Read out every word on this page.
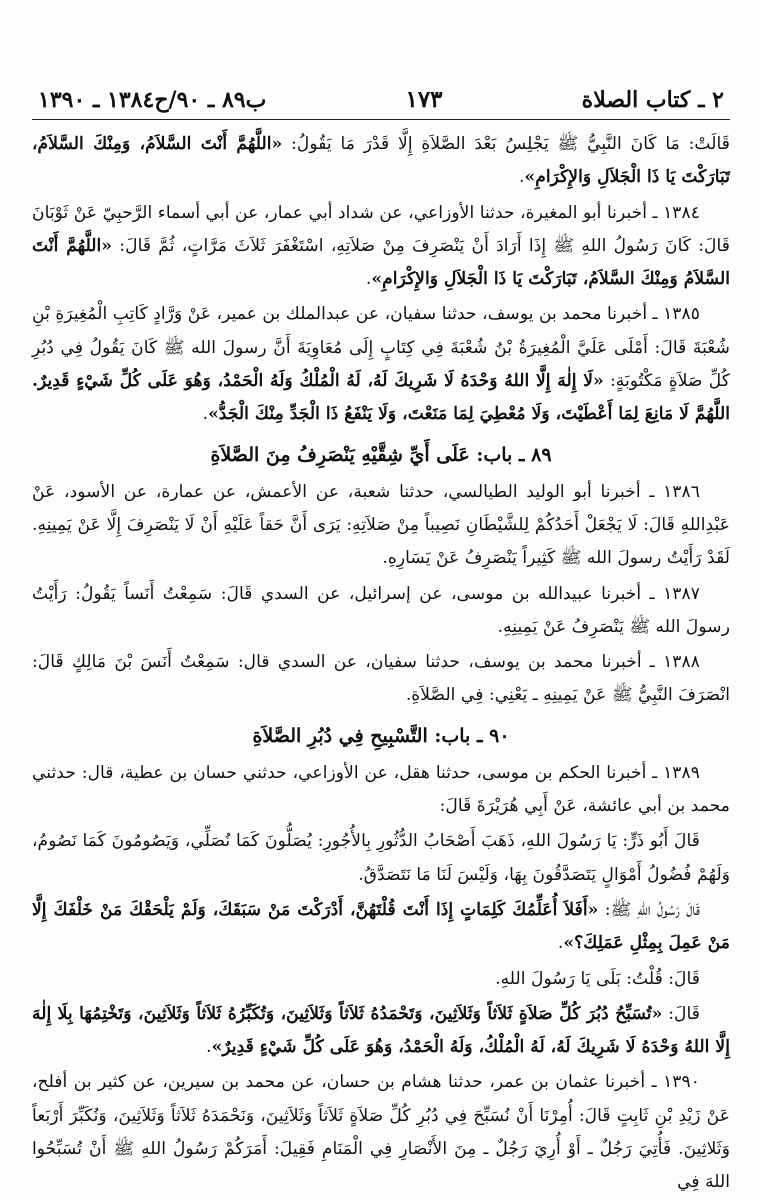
٢ ـ كتاب الصلاة
١٧٣
ب٨٩ ـ ٩٠/ح١٣٨٤ ـ ١٣٩٠

قَالَتْ: مَا كَانَ النَّبِيُّ ﷺ يَجْلِسُ بَعْدَ الصَّلاَةِ إِلَّا قَدْرَ مَا يَقُولُ: «اللَّهُمَّ أَنْتَ السَّلاَمُ، وَمِنْكَ السَّلاَمُ، تَبَارَكْتَ يَا ذَا الْجَلاَلِ وَالإِكْرَامِ».

١٣٨٤ ـ أخبرنا أبو المغيرة، حدثنا الأوزاعي، عن شداد أبي عمار، عن أبي أسماء الرَّحبِيّ عَنْ ثَوْبَانَ قَالَ: كَانَ رَسُولُ اللهِ ﷺ إِذَا أَرَادَ أَنْ يَنْصَرِفَ مِنْ صَلاَتِهِ، اسْتَغْفَرَ ثَلاَثَ مَرَّاتٍ، ثُمَّ قَالَ: «اللَّهُمَّ أَنْتَ السَّلاَمُ وَمِنْكَ السَّلاَمُ، تَبَارَكْتَ يَا ذَا الْجَلاَلِ وَالإِكْرَامِ».

١٣٨٥ ـ أخبرنا محمد بن يوسف، حدثنا سفيان، عن عبدالملك بن عمير، عَنْ وَرَّادٍ كَاتِبِ الْمُغِيرَةِ بْنِ شُعْبَةَ قَالَ: أَمْلَى عَلَيَّ الْمُغِيرَةُ بْنُ شُعْبَةَ فِي كِتَابٍ إِلَى مُعَاوِيَةَ أَنَّ رسولَ الله ﷺ كَانَ يَقُولُ فِي دُبُرِ كُلِّ صَلاَةٍ مَكْتُوبَةٍ: «لَا إِلٰهَ إِلَّا اللهُ وَحْدَهُ لَا شَرِيكَ لَهُ، لَهُ الْمُلْكُ وَلَهُ الْحَمْدُ، وَهُوَ عَلَى كُلِّ شَيْءٍ قَدِيرٌ. اللَّهُمَّ لَا مَانِعَ لِمَا أَعْطَيْتَ، وَلَا مُعْطِيَ لِمَا مَنَعْتَ، وَلَا يَنْفَعُ ذَا الْجَدِّ مِنْكَ الْجَدُّ».

٨٩ ـ باب: عَلَى أَيِّ شِقَّيْهِ يَنْصَرِفُ مِنَ الصَّلاَةِ

١٣٨٦ ـ أخبرنا أبو الوليد الطيالسي، حدثنا شعبة، عن الأعمش، عن عمارة، عن الأسود، عَنْ عَبْدِاللهِ قَالَ: لَا يَجْعَلْ أَحَدُكُمْ لِلشَّيْطَانِ نَصِيباً مِنْ صَلاَتِهِ: يَرَى أَنَّ حَقاً عَلَيْهِ أَنْ لَا يَنْصَرِفَ إِلَّا عَنْ يَمِينِهِ. لَقَدْ رَأَيْتُ رسولَ الله ﷺ كَثِيراً يَنْصَرِفُ عَنْ يَسَارِهِ.

١٣٨٧ ـ أخبرنا عبيدالله بن موسى، عن إسرائيل، عن السدي قَالَ: سَمِعْتُ أَنَساً يَقُولُ: رَأَيْتُ رسولَ الله ﷺ يَنْصَرِفُ عَنْ يَمِينِهِ.

١٣٨٨ ـ أخبرنا محمد بن يوسف، حدثنا سفيان، عن السدي قال: سَمِعْتُ أَنَسَ بْنَ مَالِكٍ قَالَ: انْصَرَفَ النَّبِيُّ ﷺ عَنْ يَمِينِهِ ـ يَعْنِي: فِي الصَّلاَةِ.

٩٠ ـ باب: التَّسْبِيحِ فِي دُبُرِ الصَّلاَةِ

١٣٨٩ ـ أخبرنا الحكم بن موسى، حدثنا هقل، عن الأوزاعي، حدثني حسان بن عطية، قال: حدثني محمد بن أبي عائشة، عَنْ أَبِي هُرَيْرَةَ قَالَ:

قَالَ أَبُو ذَرٍّ: يَا رَسُولَ اللهِ، ذَهَبَ أَصْحَابُ الدُّثُورِ بِالأُجُورِ: يُصَلُّونَ كَمَا نُصَلِّي، وَيَصُومُونَ كَمَا نَصُومُ، وَلَهُمْ فُضُولُ أَمْوَالٍ يَتَصَدَّقُونَ بِهَا، وَلَيْسَ لَنَا مَا نَتَصَدَّقُ.

قَالَ رَسُولُ اللهِ ﷺ: «أَفَلاَ أُعَلِّمُكَ كَلِمَاتٍ إِذَا أَنْتَ قُلْتَهُنَّ، أَدْرَكْتَ مَنْ سَبَقَكَ، وَلَمْ يَلْحَقْكَ مَنْ خَلْفَكَ إِلَّا مَنْ عَمِلَ بِمِثْلِ عَمَلِكَ؟».

قَالَ: قُلْتُ: بَلَى يَا رَسُولَ اللهِ.

قَالَ: «تُسَبِّحُ دُبُرَ كُلِّ صَلاَةٍ ثَلاَثاً وَثَلاَثِينَ، وَتَحْمَدُهُ ثَلاَثاً وَثَلاَثِينَ، وَتُكَبِّرُهُ ثَلاَثاً وَثَلاَثِينَ، وَتَخْتِمُهَا بِلَا إِلٰهَ إِلَّا اللهُ وَحْدَهُ لَا شَرِيكَ لَهُ، لَهُ الْمُلْكُ، وَلَهُ الْحَمْدُ، وَهُوَ عَلَى كُلِّ شَيْءٍ قَدِيرٌ».

١٣٩٠ ـ أخبرنا عثمان بن عمر، حدثنا هشام بن حسان، عن محمد بن سيرين، عن كثير بن أفلح، عَنْ زَيْدِ بْنِ ثَابِتٍ قَالَ: أُمِرْنَا أَنْ نُسَبِّحَ فِي دُبُرِ كُلِّ صَلاَةٍ ثَلاَثاً وَثَلاَثِينَ، وَنَحْمَدَهُ ثَلاَثاً وَثَلاَثِينَ، وَنُكَبِّرَ أَرْبَعاً وَثَلاثِينَ. فَأُتِيَ رَجُلٌ ـ أَوْ أُرِيَ رَجُلٌ ـ مِنَ الأَنْصَارِ فِي الْمَنَامِ فَقِيلَ: أَمَرَكُمْ رَسُولُ اللهِ ﷺ أَنْ تُسَبِّحُوا اللهَ فِي
